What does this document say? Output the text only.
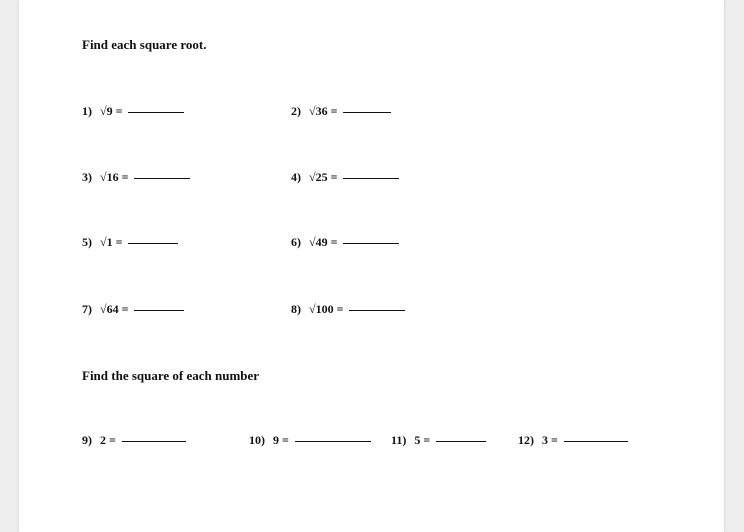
Find each square root.
1) √9 =	2) √36 =
3) √16 =	4) √25 =
5) √1 =	6) √49 =
7) √64 =	8) √100 =
Find the square of each number
9) 2 =	10) 9 =	11) 5 =	12) 3 =
